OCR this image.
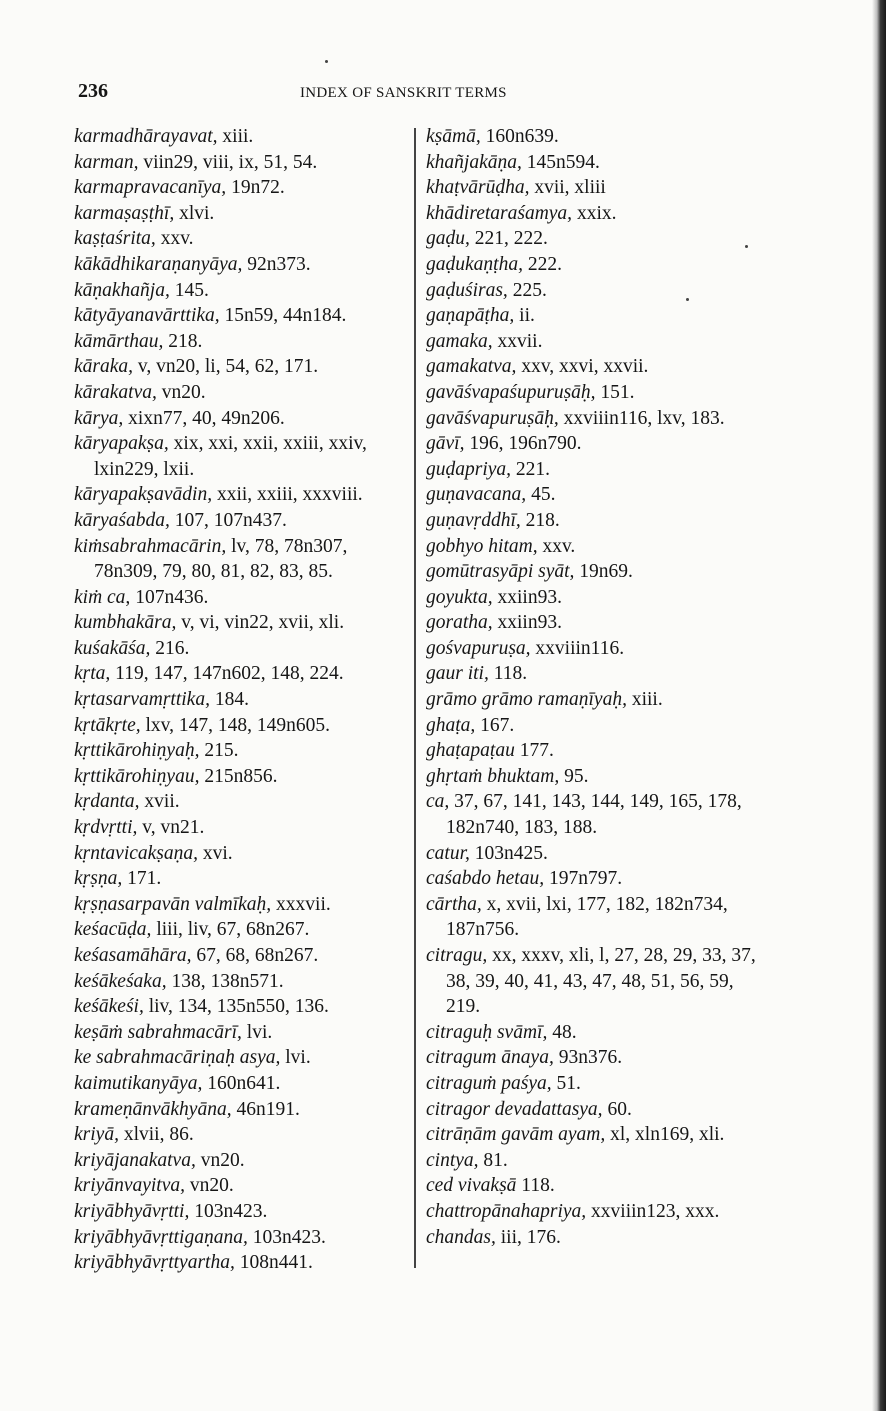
236	INDEX OF SANSKRIT TERMS
karmadhārayavat, xiii.
karman, viin29, viii, ix, 51, 54.
karmapravacanīya, 19n72.
karmaṣaṣṭhī, xlvi.
kaṣṭaśrita, xxv.
kākādhikaraṇanyāya, 92n373.
kāṇakhañja, 145.
kātyāyanavārttika, 15n59, 44n184.
kāmārthau, 218.
kāraka, v, vn20, li, 54, 62, 171.
kārakatva, vn20.
kārya, xixn77, 40, 49n206.
kāryapakṣa, xix, xxi, xxii, xxiii, xxiv, lxin229, lxii.
kāryapakṣavādin, xxii, xxiii, xxxviii.
kāryaśabda, 107, 107n437.
kiṁsabrahmacārin, lv, 78, 78n307, 78n309, 79, 80, 81, 82, 83, 85.
kiṁ ca, 107n436.
kumbhakāra, v, vi, vin22, xvii, xli.
kuśakāśa, 216.
kṛta, 119, 147, 147n602, 148, 224.
kṛtasarvamṛttika, 184.
kṛtākṛte, lxv, 147, 148, 149n605.
kṛttikārohiṇyaḥ, 215.
kṛttikārohiṇyau, 215n856.
kṛdanta, xvii.
kṛdvṛtti, v, vn21.
kṛntavicakṣaṇa, xvi.
kṛṣṇa, 171.
kṛṣṇasarpavān valmīkaḥ, xxxvii.
keśacūḍa, liii, liv, 67, 68n267.
keśasamāhāra, 67, 68, 68n267.
keśākeśaka, 138, 138n571.
keśākeśi, liv, 134, 135n550, 136.
keṣāṁ sabrahmacārī, lvi.
ke sabrahmacāriṇaḥ asya, lvi.
kaimutikanyāya, 160n641.
krameṇānvākhyāna, 46n191.
kriyā, xlvii, 86.
kriyājanakatva, vn20.
kriyānvayitva, vn20.
kriyābhyāvṛtti, 103n423.
kriyābhyāvṛttigaṇana, 103n423.
kriyābhyāvṛttyartha, 108n441.
kṣāmā, 160n639.
khañjakāṇa, 145n594.
khaṭvārūḍha, xvii, xliii
khādiretaraśamya, xxix.
gaḍu, 221, 222.
gaḍukaṇṭha, 222.
gaḍuśiras, 225.
gaṇapāṭha, ii.
gamaka, xxvii.
gamakatva, xxv, xxvi, xxvii.
gavāśvapaśupuruṣāḥ, 151.
gavāśvapuruṣāḥ, xxviiin116, lxv, 183.
gāvī, 196, 196n790.
guḍapriya, 221.
guṇavacana, 45.
guṇavṛddhī, 218.
gobhyo hitam, xxv.
gomūtrasyāpi syāt, 19n69.
goyukta, xxiin93.
goratha, xxiin93.
gośvapuruṣa, xxviiin116.
gaur iti, 118.
grāmo grāmo ramaṇīyaḥ, xiii.
ghaṭa, 167.
ghaṭapaṭau 177.
ghṛtaṁ bhuktam, 95.
ca, 37, 67, 141, 143, 144, 149, 165, 178, 182n740, 183, 188.
catur, 103n425.
caśabdo hetau, 197n797.
cārtha, x, xvii, lxi, 177, 182, 182n734, 187n756.
citragu, xx, xxxv, xli, l, 27, 28, 29, 33, 37, 38, 39, 40, 41, 43, 47, 48, 51, 56, 59, 219.
citraguḥ svāmī, 48.
citragum ānaya, 93n376.
citraguṁ paśya, 51.
citragor devadattasya, 60.
citrāṇām gavām ayam, xl, xln169, xli.
cintya, 81.
ced vivakṣā 118.
chattropānahapriya, xxviiin123, xxx.
chandas, iii, 176.
